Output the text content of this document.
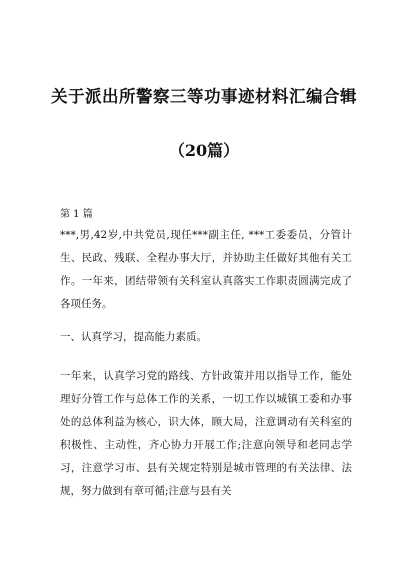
关于派出所警察三等功事迹材料汇编合辑
（20篇）

第 1 篇

***,男,42岁,中共党员,现任***副主任, ***工委委员，分管计生、民政、残联、全程办事大厅，并协助主任做好其他有关工作。一年来，团结带领有关科室认真落实工作职责圆满完成了各项任务。

一、认真学习，提高能力素质。

一年来，认真学习党的路线、方针政策并用以指导工作，能处理好分管工作与总体工作的关系，一切工作以城镇工委和办事处的总体利益为核心，识大体，顾大局，注意调动有关科室的积极性、主动性，齐心协力开展工作;注意向领导和老同志学习，注意学习市、县有关规定特别是城市管理的有关法律、法规，努力做到有章可循;注意与县有关
